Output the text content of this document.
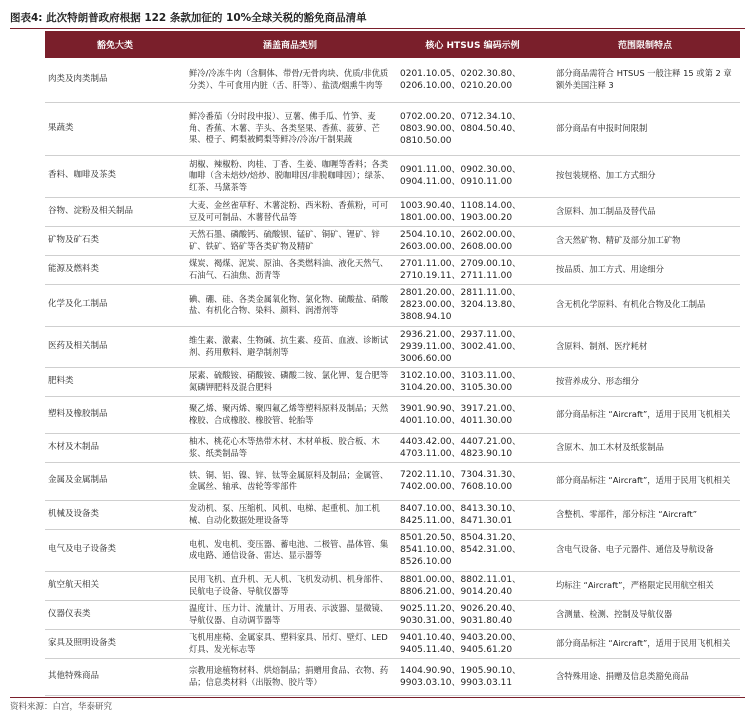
图表4: 此次特朗普政府根据 122 条款加征的 10%全球关税的豁免商品清单
豁免大类	涵盖商品类别	核心 HTSUS 编码示例	范围限制特点
肉类及肉类制品	鲜冷/冷冻牛肉（含胴体、带骨/无骨肉块、优质/非优质分类）、牛可食用内脏（舌、肝等）、盐渍/烟熏牛肉等	0201.10.05、0202.30.80、
0206.10.00、0210.20.00	部分商品需符合 HTSUS 一般注释 15 或第 2 章额外美国注释 3
果蔬类	鲜冷番茄（分时段申报）、豆薯、佛手瓜、竹笋、麦角、香蕉、木薯、芋头、各类坚果、香蕉、菠萝、芒果、橙子、鳄梨被鳄梨等鲜冷/冷冻/干制果蔬	0702.00.20、0712.34.10、
0803.90.00、0804.50.40、
0810.50.00	部分商品有申报时间限制
香料、咖啡及茶类	胡椒、辣椒粉、肉桂、丁香、生姜、咖喱等香料；各类咖啡（含未焙炒/焙炒、脱咖啡因/非脱咖啡因）；绿茶、红茶、马黛茶等	0901.11.00、0902.30.00、
0904.11.00、0910.11.00	按包装规格、加工方式细分
谷物、淀粉及相关制品	大麦、金丝雀草籽、木薯淀粉、西米粉、香蕉粉，可可豆及可可制品、木薯替代品等	1003.90.40、1108.14.00、
1801.00.00、1903.00.20	含原料、加工制品及替代品
矿物及矿石类	天然石墨、磷酸钙、硫酸钡、锰矿、铜矿、锂矿、锌矿、铁矿、铬矿等各类矿物及精矿	2504.10.10、2602.00.00、
2603.00.00、2608.00.00	含天然矿物、精矿及部分加工矿物
能源及燃料类	煤炭、褐煤、泥炭、原油、各类燃料油、液化天然气、石油气、石油焦、沥青等	2701.11.00、2709.00.10、
2710.19.11、2711.11.00	按品质、加工方式、用途细分
化学及化工制品	碘、硼、硅、各类金属氧化物、氯化物、硫酸盐、硝酸盐、有机化合物、染料、颜料、润滑剂等	2801.20.00、2811.11.00、
2823.00.00、3204.13.80、
3808.94.10	含无机化学原料、有机化合物及化工制品
医药及相关制品	维生素、激素、生物碱、抗生素、疫苗、血液、诊断试剂、药用敷料、避孕制剂等	2936.21.00、2937.11.00、
2939.11.00、3002.41.00、
3006.60.00	含原料、制剂、医疗耗材
肥料类	尿素、硫酸铵、硝酸铵、磷酸二铵、氯化钾、复合肥等氮磷钾肥料及混合肥料	3102.10.00、3103.11.00、
3104.20.00、3105.30.00	按营养成分、形态细分
塑料及橡胶制品	聚乙烯、聚丙烯、聚四氟乙烯等塑料原料及制品；天然橡胶、合成橡胶、橡胶管、轮胎等	3901.90.90、3917.21.00、
4001.10.00、4011.30.00	部分商品标注 “Aircraft”，适用于民用飞机相关
木材及木制品	柚木、桃花心木等热带木材、木材单板、胶合板、木浆、纸类制品等	4403.42.00、4407.21.00、
4703.11.00、4823.90.10	含原木、加工木材及纸浆制品
金属及金属制品	铁、铜、铝、镍、锌、钛等金属原料及制品；金属管、金属丝、轴承、齿轮等零部件	7202.11.10、7304.31.30、
7402.00.00、7608.10.00	部分商品标注 “Aircraft”，适用于民用飞机相关
机械及设备类	发动机、泵、压缩机、风机、电梯、起重机、加工机械、自动化数据处理设备等	8407.10.00、8413.30.10、
8425.11.00、8471.30.01	含整机、零部件，部分标注 “Aircraft”
电气及电子设备类	电机、发电机、变压器、蓄电池、二极管、晶体管、集成电路、通信设备、雷达、显示器等	8501.20.50、8504.31.20、
8541.10.00、8542.31.00、
8526.10.00	含电气设备、电子元器件、通信及导航设备
航空航天相关	民用飞机、直升机、无人机、飞机发动机、机身部件、民航电子设备、导航仪器等	8801.00.00、8802.11.01、
8806.21.00、9014.20.40	均标注 “Aircraft”，严格限定民用航空相关
仪器仪表类	温度计、压力计、流量计、万用表、示波器、显微镜、导航仪器、自动调节器等	9025.11.20、9026.20.40、
9030.31.00、9031.80.40	含测量、检测、控制及导航仪器
家具及照明设备类	飞机用座椅、金属家具、塑料家具、吊灯、壁灯、LED 灯具、发光标志等	9401.10.40、9403.20.00、
9405.11.40、9405.61.20	部分商品标注 “Aircraft”，适用于民用飞机相关
其他特殊商品	宗教用途植物材料、烘焙制品；捐赠用食品、衣物、药品；信息类材料（出版物、胶片等）	1404.90.90、1905.90.10、
9903.03.10、9903.03.11	含特殊用途、捐赠及信息类豁免商品
资料来源：白宫，华泰研究
